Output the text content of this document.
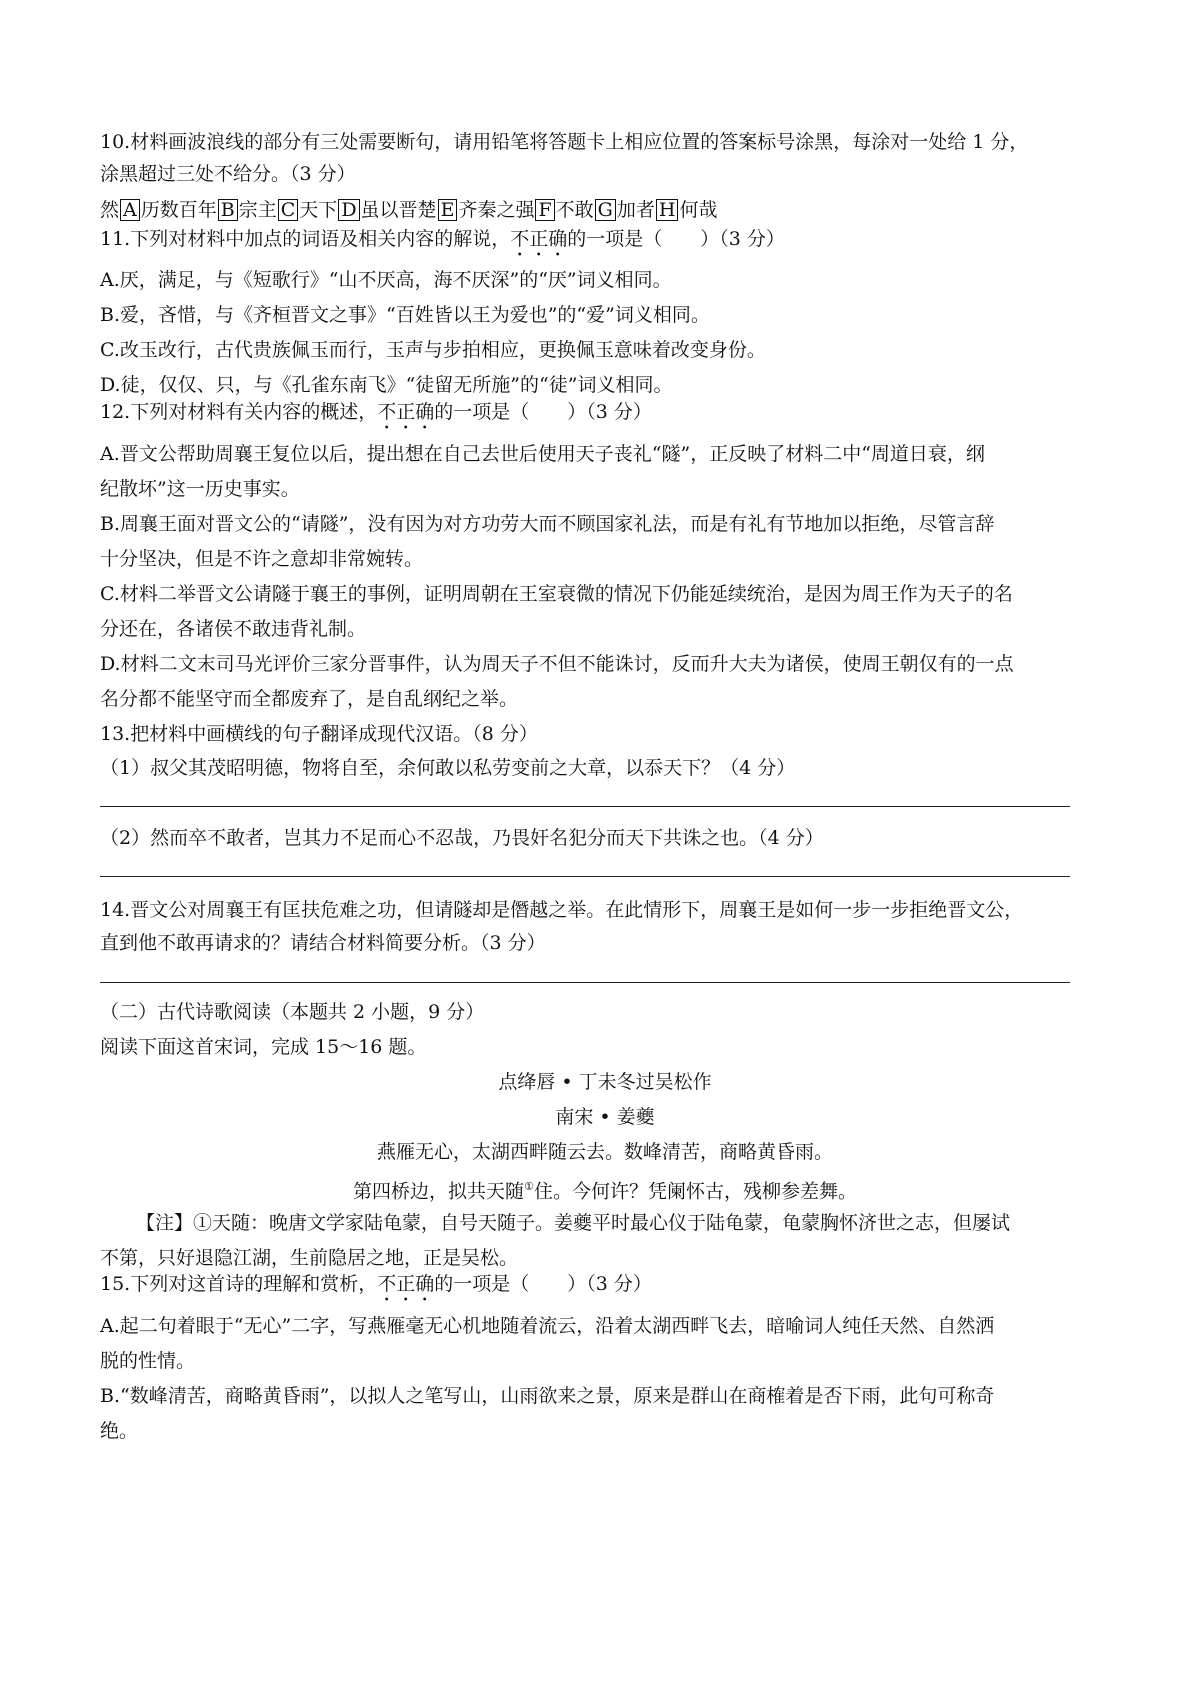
10.材料画波浪线的部分有三处需要断句，请用铅笔将答题卡上相应位置的答案标号涂黑，每涂对一处给 1 分，
涂黑超过三处不给分。（3 分）
然 A 历数百年 B 宗主 C 天下 D 虽以晋楚 E 齐秦之强 F 不敢 G 加者 H 何哉
11.下列对材料中加点的词语及相关内容的解说，不正确的一项是（　　）（3 分）
A.厌，满足，与《短歌行》“山不厌高，海不厌深”的“厌”词义相同。
B.爱，吝惜，与《齐桓晋文之事》“百姓皆以王为爱也”的“爱”词义相同。
C.改玉改行，古代贵族佩玉而行，玉声与步拍相应，更换佩玉意味着改变身份。
D.徒，仅仅、只，与《孔雀东南飞》“徒留无所施”的“徒”词义相同。
12.下列对材料有关内容的概述，不正确的一项是（　　）（3 分）
A.晋文公帮助周襄王复位以后，提出想在自己去世后使用天子丧礼“隧”，正反映了材料二中“周道日衰，纲
纪散坏”这一历史事实。
B.周襄王面对晋文公的“请隧”，没有因为对方功劳大而不顾国家礼法，而是有礼有节地加以拒绝，尽管言辞
十分坚决，但是不许之意却非常婉转。
C.材料二举晋文公请隧于襄王的事例，证明周朝在王室衰微的情况下仍能延续统治，是因为周王作为天子的名
分还在，各诸侯不敢违背礼制。
D.材料二文末司马光评价三家分晋事件，认为周天子不但不能诛讨，反而升大夫为诸侯，使周王朝仅有的一点
名分都不能坚守而全都废弃了，是自乱纲纪之举。
13.把材料中画横线的句子翻译成现代汉语。（8 分）
（1）叔父其茂昭明德，物将自至，余何敢以私劳变前之大章，以忝天下？（4 分）
（2）然而卒不敢者，岂其力不足而心不忍哉，乃畏奸名犯分而天下共诛之也。（4 分）
14.晋文公对周襄王有匡扶危难之功，但请隧却是僭越之举。在此情形下，周襄王是如何一步一步拒绝晋文公，
直到他不敢再请求的？请结合材料简要分析。（3 分）
（二）古代诗歌阅读（本题共 2 小题，9 分）
阅读下面这首宋词，完成 15～16 题。
点绛唇 • 丁未冬过吴松作
南宋 • 姜夔
燕雁无心，太湖西畔随云去。数峰清苦，商略黄昏雨。
第四桥边，拟共天随①住。今何许？凭阑怀古，残柳参差舞。
【注】①天随：晚唐文学家陆龟蒙，自号天随子。姜夔平时最心仪于陆龟蒙，龟蒙胸怀济世之志，但屡试
不第，只好退隐江湖，生前隐居之地，正是吴松。
15.下列对这首诗的理解和赏析，不正确的一项是（　　）（3 分）
A.起二句着眼于“无心”二字，写燕雁毫无心机地随着流云，沿着太湖西畔飞去，暗喻词人纯任天然、自然洒
脱的性情。
B.“数峰清苦，商略黄昏雨”，以拟人之笔写山，山雨欲来之景，原来是群山在商榷着是否下雨，此句可称奇
绝。
